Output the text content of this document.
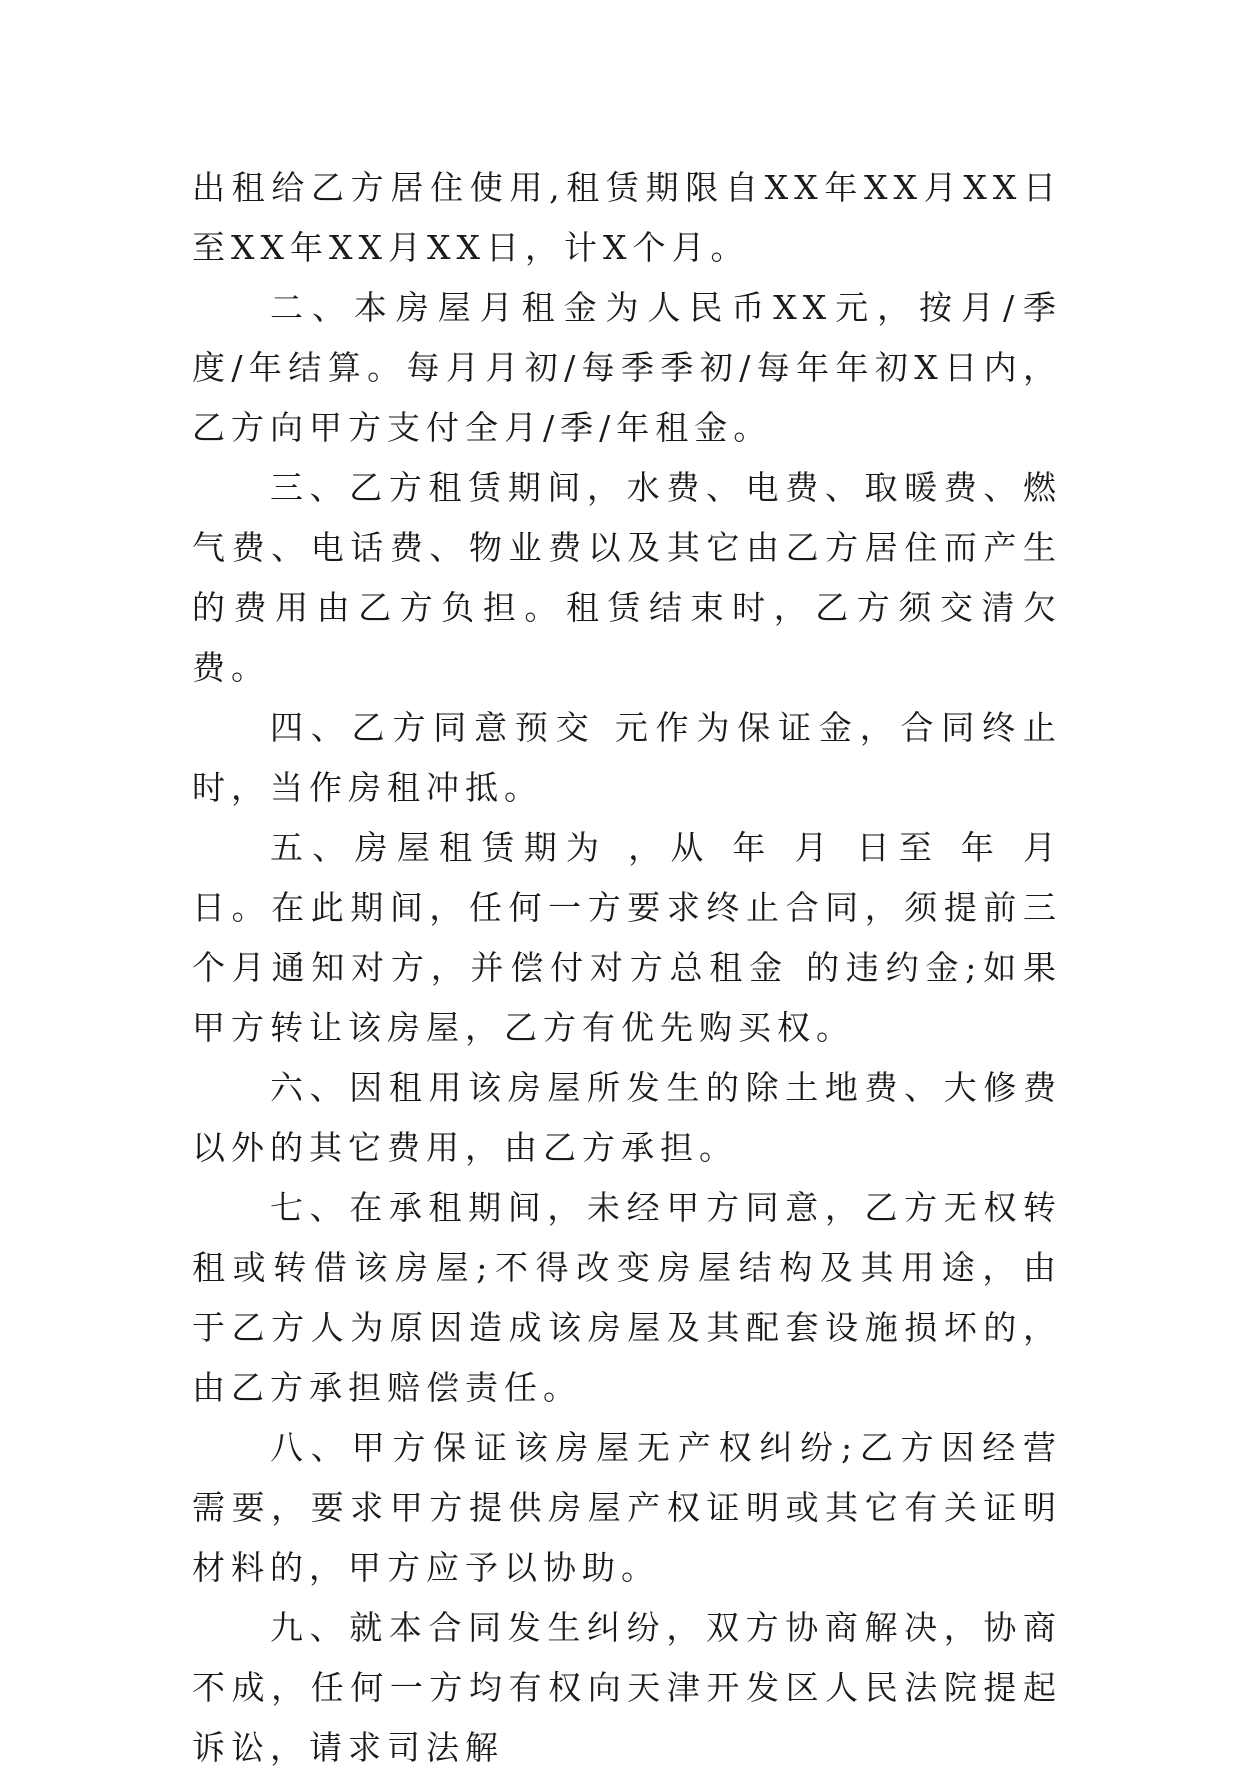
出租给乙方居住使用,租赁期限自XX年XX月XX日至XX年XX月XX日，计X个月。

二、本房屋月租金为人民币XX元，按月/季度/年结算。每月月初/每季季初/每年年初X日内，乙方向甲方支付全月/季/年租金。

三、乙方租赁期间，水费、电费、取暖费、燃气费、电话费、物业费以及其它由乙方居住而产生的费用由乙方负担。租赁结束时，乙方须交清欠费。

四、乙方同意预交 元作为保证金，合同终止时，当作房租冲抵。

五、房屋租赁期为 ，从 年 月 日至 年 月 日。在此期间，任何一方要求终止合同，须提前三个月通知对方，并偿付对方总租金 的违约金;如果甲方转让该房屋，乙方有优先购买权。

六、因租用该房屋所发生的除土地费、大修费以外的其它费用，由乙方承担。

七、在承租期间，未经甲方同意，乙方无权转租或转借该房屋;不得改变房屋结构及其用途，由于乙方人为原因造成该房屋及其配套设施损坏的，由乙方承担赔偿责任。

八、甲方保证该房屋无产权纠纷;乙方因经营需要，要求甲方提供房屋产权证明或其它有关证明材料的，甲方应予以协助。

九、就本合同发生纠纷，双方协商解决，协商不成，任何一方均有权向天津开发区人民法院提起诉讼，请求司法解
